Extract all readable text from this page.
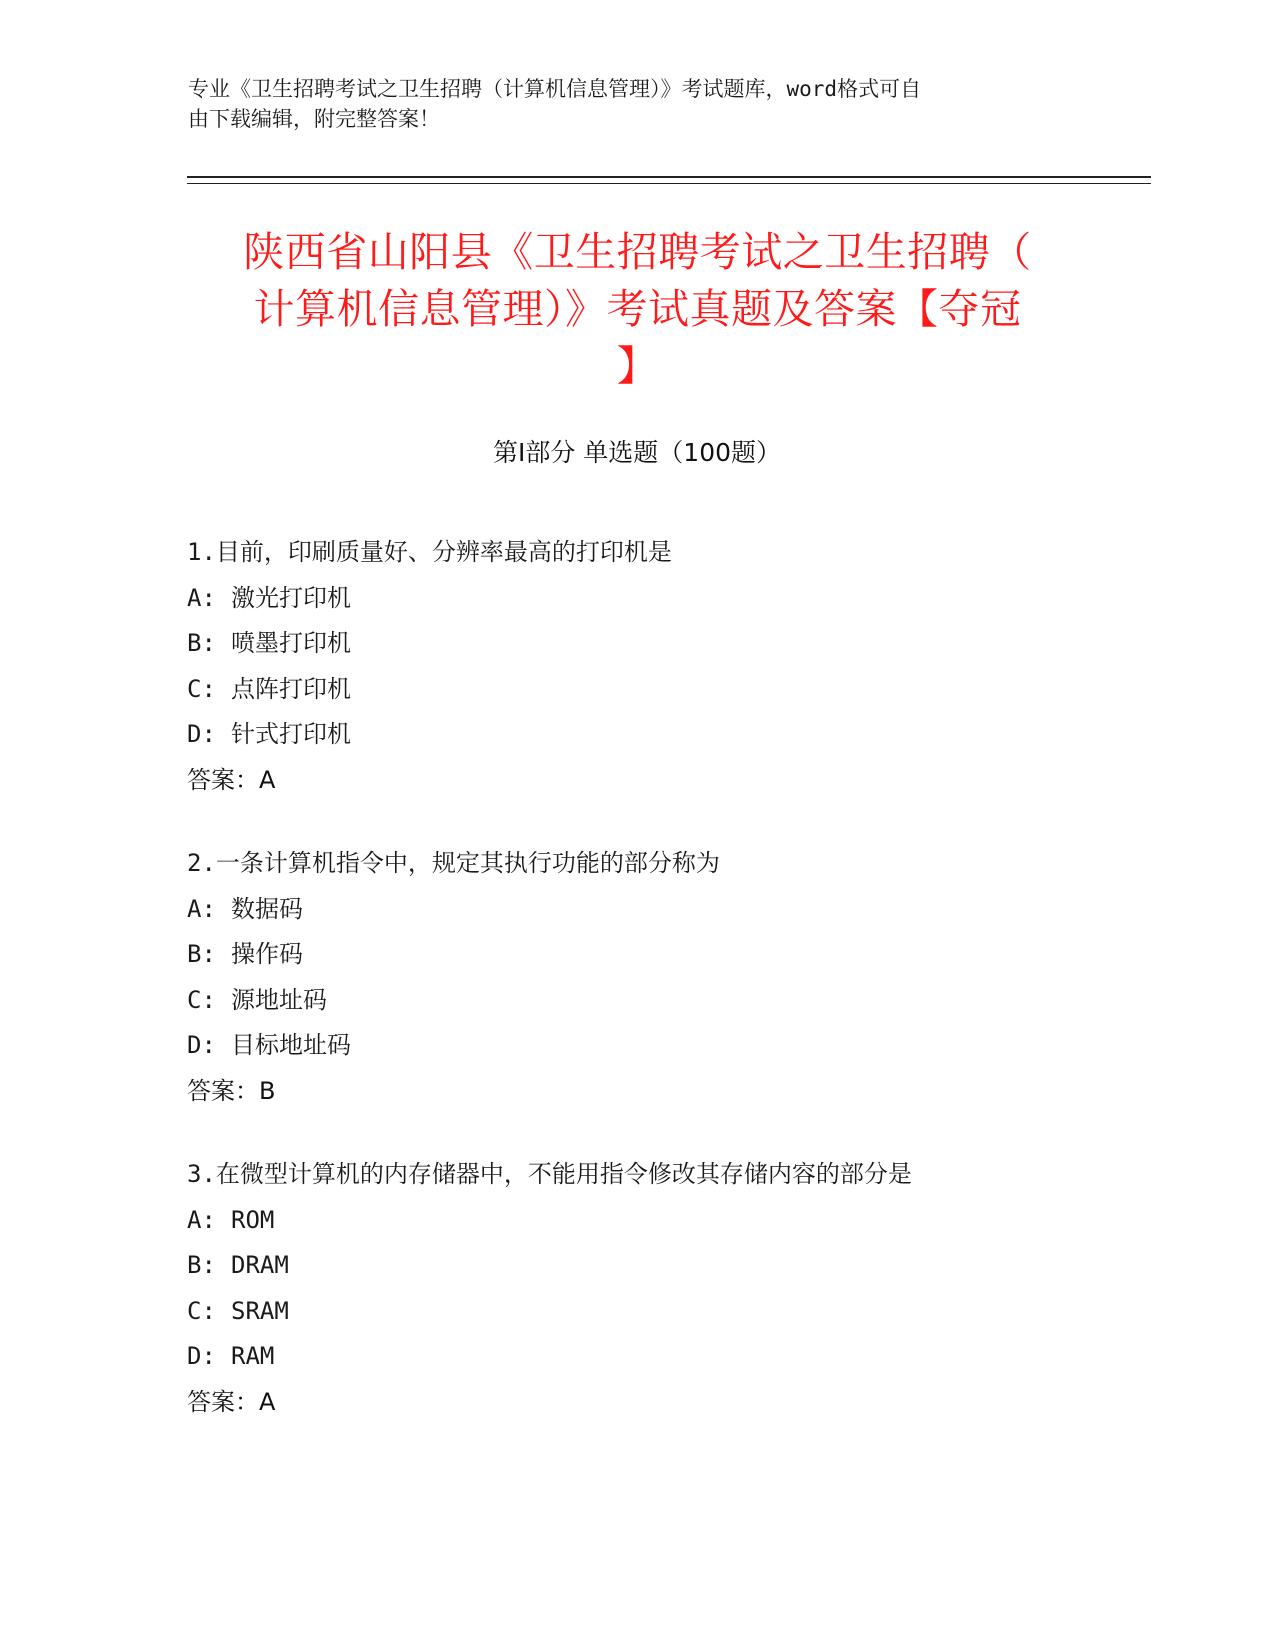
专业《卫生招聘考试之卫生招聘（计算机信息管理）》考试题库，word格式可自
由下载编辑，附完整答案！
陕西省山阳县《卫生招聘考试之卫生招聘（
计算机信息管理）》考试真题及答案【夺冠
】
第Ⅰ部分 单选题（100题）
1.目前，印刷质量好、分辨率最高的打印机是
A: 激光打印机
B: 喷墨打印机
C: 点阵打印机
D: 针式打印机
答案：A
2.一条计算机指令中，规定其执行功能的部分称为
A: 数据码
B: 操作码
C: 源地址码
D: 目标地址码
答案：B
3.在微型计算机的内存储器中，不能用指令修改其存储内容的部分是
A: ROM
B: DRAM
C: SRAM
D: RAM
答案：A
